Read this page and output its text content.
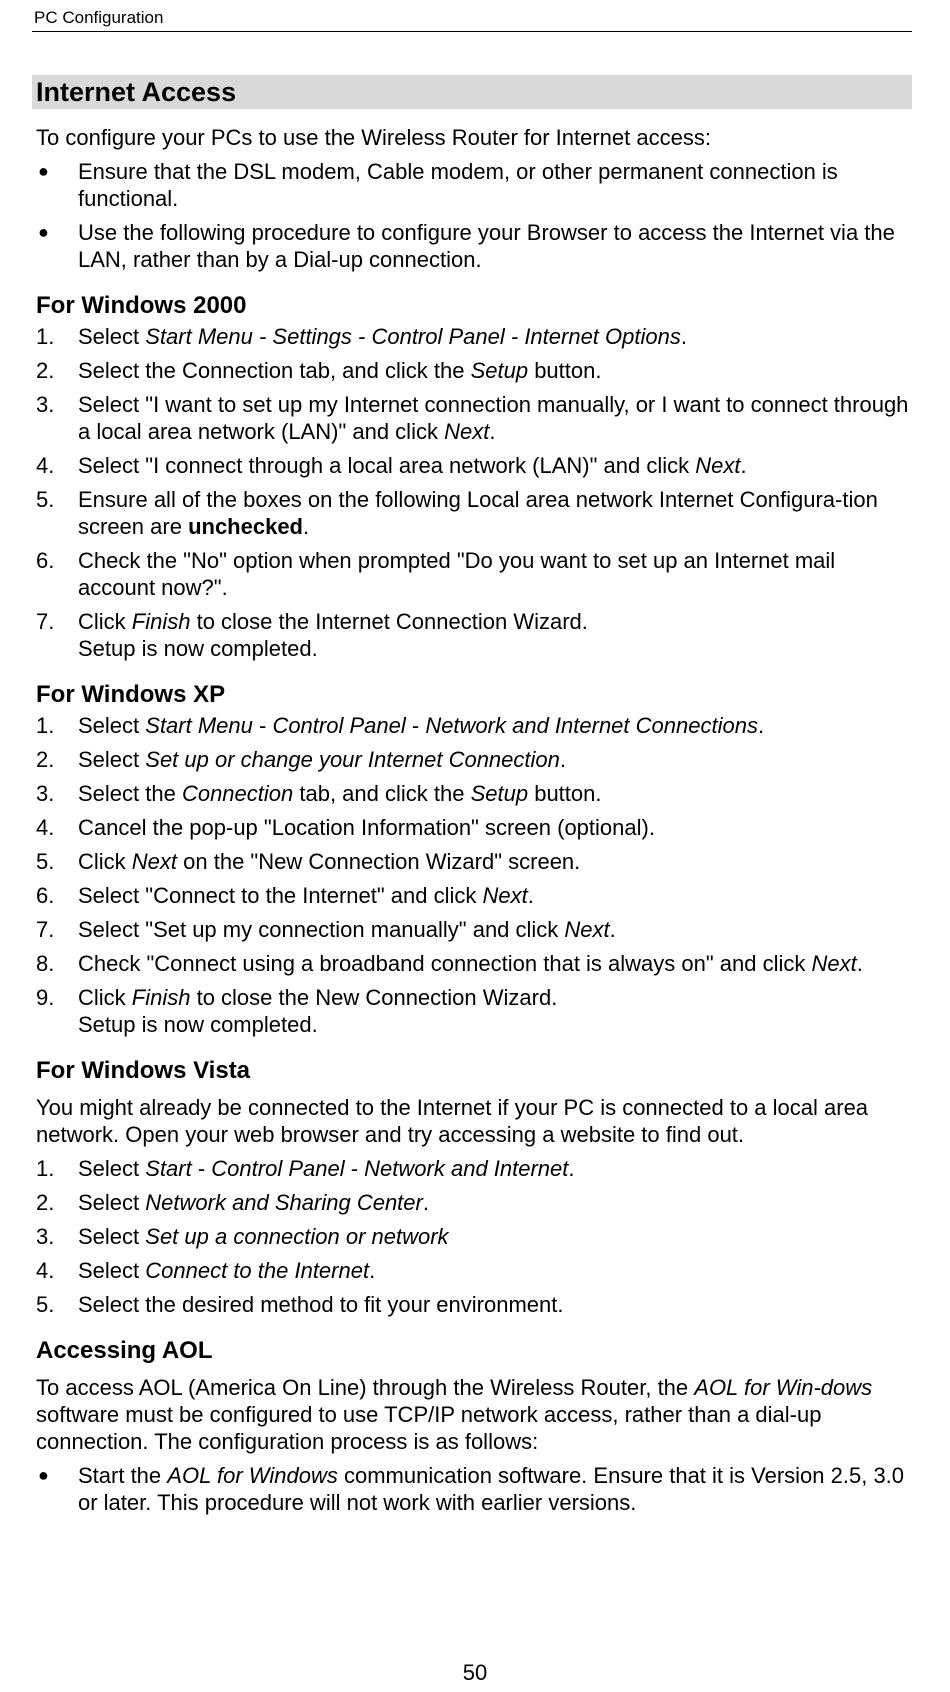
PC Configuration
Internet Access

To configure your PCs to use the Wireless Router for Internet access:

● Ensure that the DSL modem, Cable modem, or other permanent connection is functional.
● Use the following procedure to configure your Browser to access the Internet via the LAN, rather than by a Dial-up connection.
For Windows 2000
1. Select Start Menu - Settings - Control Panel - Internet Options.
2. Select the Connection tab, and click the Setup button.
3. Select "I want to set up my Internet connection manually, or I want to connect through a local area network (LAN)" and click Next.
4. Select "I connect through a local area network (LAN)" and click Next.
5. Ensure all of the boxes on the following Local area network Internet Configura-tion screen are unchecked.
6. Check the "No" option when prompted "Do you want to set up an Internet mail account now?".
7. Click Finish to close the Internet Connection Wizard.
Setup is now completed.
For Windows XP
1. Select Start Menu - Control Panel - Network and Internet Connections.
2. Select Set up or change your Internet Connection.
3. Select the Connection tab, and click the Setup button.
4. Cancel the pop-up "Location Information" screen (optional).
5. Click Next on the "New Connection Wizard" screen.
6. Select "Connect to the Internet" and click Next.
7. Select "Set up my connection manually" and click Next.
8. Check "Connect using a broadband connection that is always on" and click Next.
9. Click Finish to close the New Connection Wizard.
Setup is now completed.
For Windows Vista

You might already be connected to the Internet if your PC is connected to a local area network. Open your web browser and try accessing a website to find out.

1. Select Start - Control Panel - Network and Internet.
2. Select Network and Sharing Center.
3. Select Set up a connection or network
4. Select Connect to the Internet.
5. Select the desired method to fit your environment.
Accessing AOL

To access AOL (America On Line) through the Wireless Router, the AOL for Win-dows software must be configured to use TCP/IP network access, rather than a dial-up connection. The configuration process is as follows:

● Start the AOL for Windows communication software. Ensure that it is Version 2.5, 3.0 or later. This procedure will not work with earlier versions.
50
